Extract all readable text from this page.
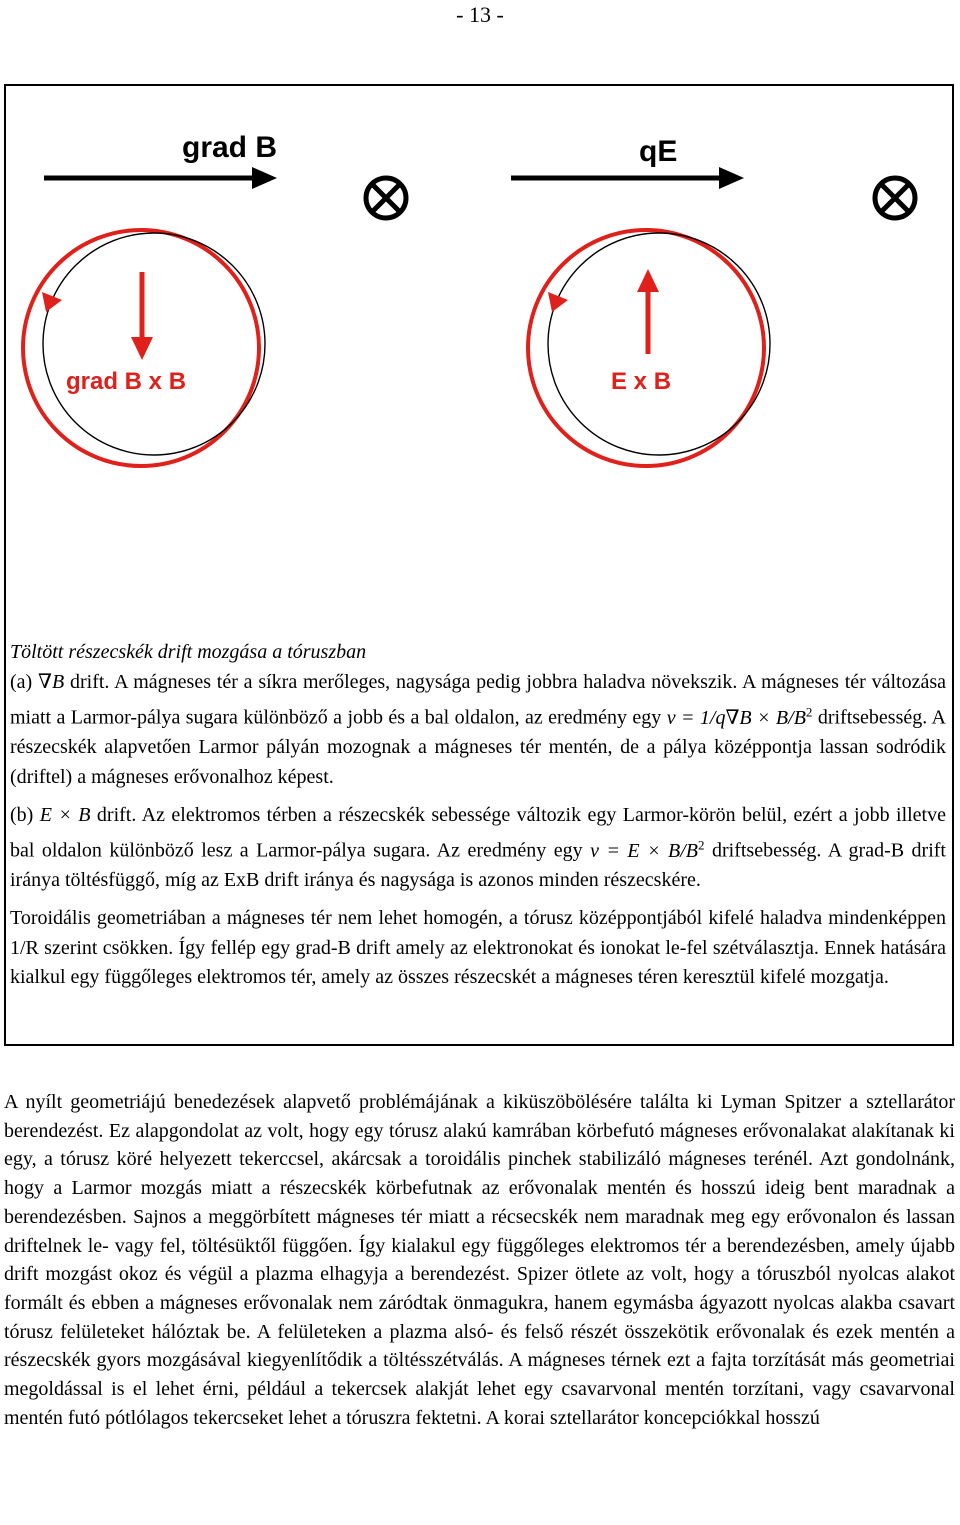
- 13 -
grad B
grad B x B
qE
E x B

Töltött részecskék drift mozgása a tóruszban

(a) ∇B drift. A mágneses tér a síkra merőleges, nagysága pedig jobbra haladva növekszik. A mágneses tér változása miatt a Larmor-pálya sugara különböző a jobb és a bal oldalon, az eredmény egy $v = 1/q\nabla B \times B/B^2$ driftsebesség. A részecskék alapvetően Larmor pályán mozognak a mágneses tér mentén, de a pálya középpontja lassan sodródik (driftel) a mágneses erővonalhoz képest.

(b) E × B drift. Az elektromos térben a részecskék sebessége változik egy Larmor-körön belül, ezért a jobb illetve bal oldalon különböző lesz a Larmor-pálya sugara. Az eredmény egy $v = E \times B/B^2$ driftsebesség. A grad-B drift iránya töltésfüggő, míg az ExB drift iránya és nagysága is azonos minden részecskére.

Toroidális geometriában a mágneses tér nem lehet homogén, a tórusz középpontjából kifelé haladva mindenképpen 1/R szerint csökken. Így fellép egy grad-B drift amely az elektronokat és ionokat le-fel szétválasztja. Ennek hatására kialkul egy függőleges elektromos tér, amely az összes részecskét a mágneses téren keresztül kifelé mozgatja.

A nyílt geometriájú benedezések alapvető problémájának a kiküszöbölésére találta ki Lyman Spitzer a sztellarátor berendezést. Ez alapgondolat az volt, hogy egy tórusz alakú kamrában körbefutó mágneses erővonalakat alakítanak ki egy, a tórusz köré helyezett tekerccsel, akárcsak a toroidális pinchek stabilizáló mágneses terénél. Azt gondolnánk, hogy a Larmor mozgás miatt a részecskék körbefutnak az erővonalak mentén és hosszú ideig bent maradnak a berendezésben. Sajnos a meggörbített mágneses tér miatt a récsecskék nem maradnak meg egy erővonalon és lassan driftelnek le- vagy fel, töltésüktől függően. Így kialakul egy függőleges elektromos tér a berendezésben, amely újabb drift mozgást okoz és végül a plazma elhagyja a berendezést. Spizer ötlete az volt, hogy a tóruszból nyolcas alakot formált és ebben a mágneses erővonalak nem záródtak önmagukra, hanem egymásba ágyazott nyolcas alakba csavart tórusz felületeket hálóztak be. A felületeken a plazma alsó- és felső részét összekötik erővonalak és ezek mentén a részecskék gyors mozgásával kiegyenlítődik a töltésszétválás. A mágneses térnek ezt a fajta torzítását más geometriai megoldással is el lehet érni, például a tekercsek alakját lehet egy csavarvonal mentén torzítani, vagy csavarvonal mentén futó pótlólagos tekercseket lehet a tóruszra fektetni. A korai sztellarátor koncepciókkal hosszú
